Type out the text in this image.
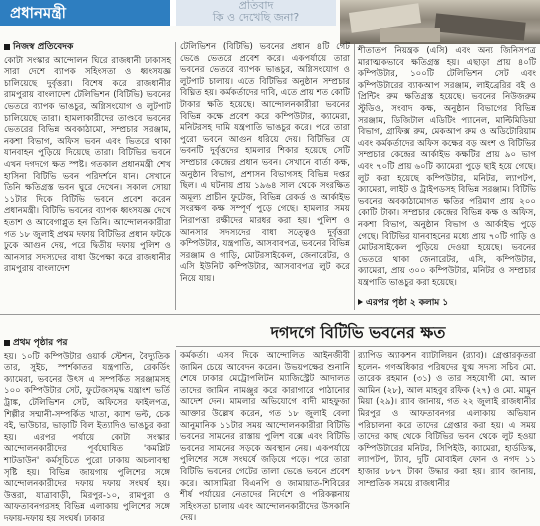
প্রধানমন্ত্রী	প্রতিবাদ
কি ও দেখেছি জনা?
নিজস্ব প্রতিবেদক

কোটা সংস্কার আন্দোলন ঘিরে রাজধানী ঢাকাসহ সারা দেশে ব্যাপক সহিংসতা ও ধ্বংসযজ্ঞ চালিয়েছে দুর্বৃত্তরা। বিশেষ করে রাজধানীর রামপুরায় বাংলাদেশ টেলিভিশন (বিটিভি) ভবনের ভেতরে ব্যাপক ভাঙচুর, অগ্নিসংযোগ ও লুটপাট চালিয়েছে তারা। হামলাকারীদের তাণ্ডবে ভবনের ভেতরের বিভিন্ন অবকাঠামো, সম্প্রচার সরঞ্জাম, নকশা বিভাগ, অফিস ভবন এবং ভিতরে থাকা যানবাহন পুড়িয়ে দিয়েছে তারা। বিটিভির ভবনে এখন দগদগে ক্ষত স্পষ্ট। গতকাল প্রধানমন্ত্রী শেখ হাসিনা বিটিভি ভবন পরিদর্শনে যান। সেখানে তিনি ক্ষতিগ্রস্ত ভবন ঘুরে দেখেন। সকাল সোয়া ১১টার দিকে বিটিভি ভবনে প্রবেশ করেন প্রধানমন্ত্রী। বিটিভি ভবনের ব্যাপক ধ্বংসযজ্ঞ দেখে হতাশ ও আবেগাপ্লুত হন তিনি। আন্দোলনকারীরা গত ১৮ জুলাই প্রথম দফায় বিটিভির প্রধান ফটকে ঢুকে আগুন দেয়, পরে দ্বিতীয় দফায় পুলিশ ও আনসার সদস্যদের বাধা উপেক্ষা করে রাজধানীর রামপুরায় বাংলাদেশ

টেলিভিশন (বিটিভি) ভবনের প্রধান ৪টি গেট ভেঙে ভেতরে প্রবেশ করে। একপর্যায়ে তারা ভবনের ভেতরে ব্যাপক ভাঙচুর, অগ্নিসংযোগ ও লুটপাট চালায়। এতে বিটিভির অনুষ্ঠান সম্প্রচার বিঘ্নিত হয়। কর্মকর্তাদের দাবি, এতে প্রায় শত কোটি টাকার ক্ষতি হয়েছে। আন্দোলনকারীরা ভবনের বিভিন্ন কক্ষে প্রবেশ করে কম্পিউটার, ক্যামেরা, মনিটরসহ দামি যন্ত্রপাতি ভাঙচুর করে। পরে তারা পুরো ভবনে আগুন ধরিয়ে দেয়। বিটিভির যে ভবনটি দুর্বৃত্তদের হামলার শিকার হয়েছে সেটি সম্প্রচার কেন্দ্রের প্রধান ভবন। সেখানে বার্তা কক্ষ, অনুষ্ঠান বিভাগ, প্রশাসন বিভাগসহ বিভিন্ন দপ্তর ছিল। এ ঘটনায় প্রায় ১৯৬৪ সাল থেকে সংরক্ষিত অমূল্য প্রাচীন ফুটেজ, বিভিন্ন রেকর্ড ও আর্কাইভ সংরক্ষণ কক্ষ সম্পূর্ণ পুড়ে গেছে। হামলার সময় নিরাপত্তা রক্ষীদের মারধর করা হয়। পুলিশ ও আনসার সদস্যদের বাধা সত্ত্বেও দুর্বৃত্তরা কম্পিউটার, যন্ত্রপাতি, আসবাবপত্র, ভবনের বিভিন্ন সরঞ্জাম ও গাড়ি, মোটরসাইকেল, জেনারেটর, ও এসি ইউনিট কম্পিউটার, আসবাবপত্র লুট করে নিয়ে যায়।

শীতাতপ নিয়ন্ত্রক (এসি) এবং অন্য জিনিসপত্র মারাত্মকভাবে ক্ষতিগ্রস্ত হয়। এছাড়া প্রায় ৪০টি কম্পিউটার, ১০০টি টেলিভিশন সেট এবং কম্পিউটারের ব্যাকআপ সরঞ্জাম, লাইব্রেরির বই ও প্রিন্টিং রুম ক্ষতিগ্রস্ত হয়েছে। ভবনের নিউজরুম স্টুডিও, সংবাদ কক্ষ, অনুষ্ঠান বিভাগের বিভিন্ন সরঞ্জাম, ডিজিটাল এডিটিং প্যানেল, মাল্টিমিডিয়া বিভাগ, গ্রাফিক্স রুম, মেকআপ রুম ও অডিটোরিয়াম এবং কর্মকর্তাদের অফিস কক্ষের বড় অংশ ও বিটিভির সম্প্রচার কেন্দ্রের আর্কাইভ কক্ষটির প্রায় ৯০ ভাগ এবং ৭০টি প্রায় ৬০টি ক্যামেরা পুড়ে ছাই হয়ে গেছে। লুট করা হয়েছে কম্পিউটার, মনিটর, ল্যাপটপ, ক্যামেরা, লাইট ও ট্রাইপডসহ বিভিন্ন সরঞ্জাম। বিটিভি ভবনের অবকাঠামোগত ক্ষতির পরিমাণ প্রায় ২০০ কোটি টাকা। সম্প্রচার কেন্দ্রের বিভিন্ন কক্ষ ও অফিস, নকশা বিভাগ, অনুষ্ঠান বিভাগ ও আর্কাইভ পুড়ে গেছে। বিটিভির যানবাহনের মধ্যে প্রায় ৭০টি গাড়ি ও মোটরসাইকেল পুড়িয়ে দেওয়া হয়েছে। ভবনের ভেতরে থাকা জেনারেটর, এসি, কম্পিউটার, ক্যামেরা, প্রায় ৩০০ কম্পিউটার, মনিটর ও সম্প্রচার যন্ত্রপাতি ভাঙচুর করা হয়েছে।

এরপর পৃষ্ঠা ২ কলাম ১
দগদগে বিটিভি ভবনের ক্ষত
প্রথম পৃষ্ঠার পর

হয়। ১০টি কম্পিউটার ওয়ার্ক স্টেশন, বৈদ্যুতিক তার, সুইচ, স্পর্শকাতর যন্ত্রপাতি, রেকর্ডিং ক্যামেরা, ভবনের উৎস এ সম্পর্কিত সরঞ্জামসহ ১০০ কম্পিউটার সেট, ফুটেজসমৃদ্ধ যন্ত্রাংশ ভর্তি ট্রাঙ্ক, টেলিভিশন সেট, অফিসের ফাইলপত্র, শিল্পীর সম্মানী-সম্পর্কিত খাতা, ক্যাশ ভল্ট, চেক বই, ভাউচার, ভাড়াটি বিল ইত্যাদিও ভাঙচুর করা হয়। এরপর পর্যায়ে কোটা সংস্কার আন্দোলনকারীদের পূর্বঘোষিত 'কমপ্লিট শাটডাউন' কর্মসূচিতে পুরো ঢাকায় অচলাবস্থা সৃষ্টি হয়। বিভিন্ন জায়গায় পুলিশের সঙ্গে আন্দোলনকারীদের দফায় দফায় সংঘর্ষ হয়। উত্তরা, যাত্রাবাড়ী, মিরপুর-১০, রামপুরা ও আফতাবনগরসহ বিভিন্ন এলাকায় পুলিশের সঙ্গে দফায়-দফায় হয় সংঘর্ষ। ঢাকার

কর্মকর্তা। এসব দিকে আন্দোলিত আইনজীবী জামিন চেয়ে আবেদন করেন। উভয়পক্ষের শুনানি শেষে ঢাকার মেট্রোপলিটন ম্যাজিস্ট্রেট আদালত তাদের জামিন নামঞ্জুর করে কারাগারে পাঠানোর আদেশ দেন। মামলার অভিযোগে বাদী মাহফুজা আক্তার উল্লেখ করেন, গত ১৮ জুলাই বেলা আনুমানিক ১১টার সময় আন্দোলনকারীরা বিটিভি ভবনের সামনের রাস্তায় পুলিশ বক্সে এবং বিটিভি ভবনের সামনের সড়কে অবস্থান নেয়। একপর্যায়ে পুলিশের সঙ্গে সংঘর্ষে জড়িয়ে পড়ে। পরে তারা বিটিভি ভবনের গেটের তালা ভেঙে ভবনে প্রবেশ করে। আসামিরা বিএনপি ও জামায়াত-শিবিরের শীর্ষ পর্যায়ের নেতাদের নির্দেশে ও পরিকল্পনায় সহিংসতা চালায় এবং আন্দোলনকারীদের উসকানি দেয়।

র‍্যাপিড অ্যাকশন ব্যাটালিয়ন (র‍্যাব)। গ্রেপ্তারকৃতরা হলেন- গণঅধিকার পরিষদের যুগ্ম সদস্য সচিব মো. তারেক রহমান (৩১) ও তার সহযোগী মো. আল আমিন (২৮), আল মাহবুব রফিক (২৭) ও মো. মামুন মিয়া (২৯)। র‍্যাব জানায়, গত ২২ জুলাই রাজধানীর মিরপুর ও আফতাবনগর এলাকায় অভিযান পরিচালনা করে তাদের গ্রেপ্তার করা হয়। এ সময় তাদের কাছ থেকে বিটিভির ভবন থেকে লুট হওয়া কম্পিউটারের মনিটর, সিপিইউ, ক্যামেরা, হার্ডডিস্ক, ল্যাপটপ, ট্যাব, দুটি মোবাইল ফোন ও নগদ ১১ হাজার ৮৮৭ টাকা উদ্ধার করা হয়। র‍্যাব জানায়, সাম্প্রতিক সময়ে রাজধানীর
